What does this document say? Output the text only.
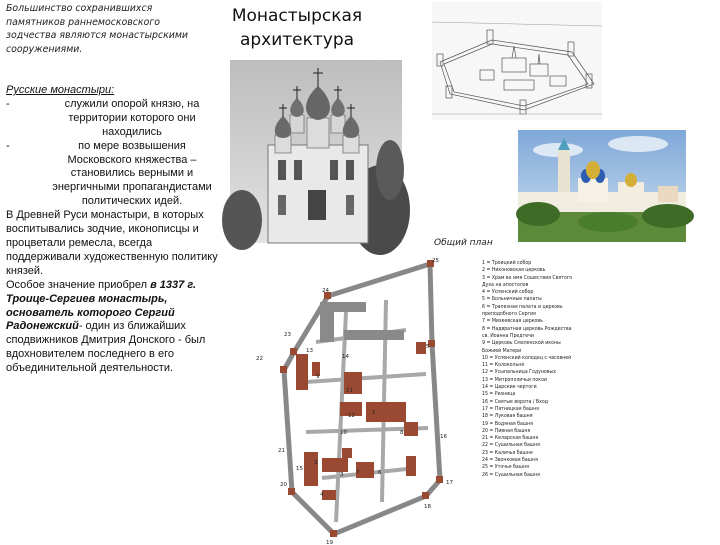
Большинство сохранившихся памятников раннемосковского зодчества являются монастырскими сооружениями.
Монастырская
архитектура
Русские монастыри:
-	служили опорой князю, на территории которого они находились
-	по мере возвышения Московского княжества – становились верными и энергичными пропагандистами политических идей.

В Древней Руси монастыри, в которых воспитывались зодчие, иконописцы и процветали ремесла, всегда поддерживали художественную политику князей.

Особое значение приобрел в 1337 г. Троице-Сергиев монастырь, основатель которого Сергий Радонежский- один из ближайших сподвижников Дмитрия Донского - был вдохновителем последнего в его объединительной деятельности.

Общий план
25
24
23
22
21
20
19
18
17
16
15
14
13
12
11
10
9
8
7	6
5
4
3
2
1
1 = Троицкий собор
2 = Никоновская церковь
3 = Храм во имя Сошествия Святого
Духа на апостолов
4 = Успенский собор
5 = Больничные палаты
6 = Трапезная палата и церковь
преподобного Сергия
7 = Михеевская церковь
8 = Надвратная церковь Рождества
св. Иоанна Предтечи
9 = Церковь Смоленской иконы
Божией Матери
10 = Успенский колодец с часовней
11 = Колокольня
12 = Усыпальница Годуновых
13 = Митрополичьи покои
14 = Царские чертоги
15 = Ризница
16 = Святые ворота / Вход
17 = Пятницкая башня
18 = Луковая башня
19 = Водяная башня
20 = Пивная башня
21 = Келарская башня
22 = Сушильная башня
23 = Каличья башня
24 = Звонковая башня
25 = Уточья башня
26 = Сушильная башня
